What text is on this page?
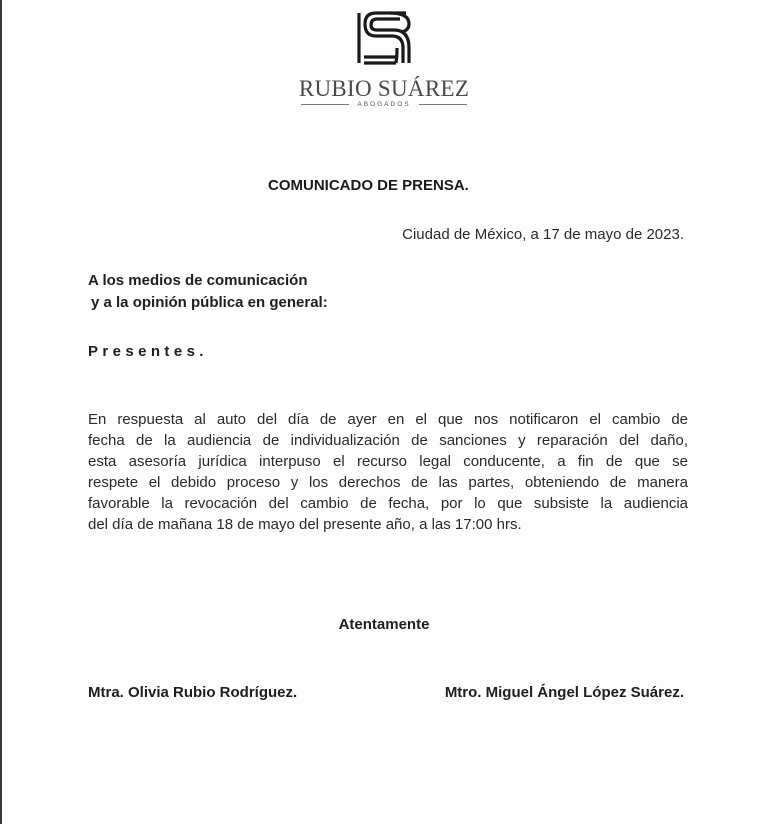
RUBIO SUÁREZ
ABOGADOS
COMUNICADO DE PRENSA.
Ciudad de México, a 17 de mayo de 2023.
A los medios de comunicación
y a la opinión pública en general:
Presentes.
En respuesta al auto del día de ayer en el que nos notificaron el cambio de
fecha de la audiencia de individualización de sanciones y reparación del daño,
esta asesoría jurídica interpuso el recurso legal conducente, a fin de que se
respete el debido proceso y los derechos de las partes, obteniendo de manera
favorable la revocación del cambio de fecha, por lo que subsiste la audiencia
del día de mañana 18 de mayo del presente año, a las 17:00 hrs.
Atentamente
Mtra. Olivia Rubio Rodríguez.	Mtro. Miguel Ángel López Suárez.
